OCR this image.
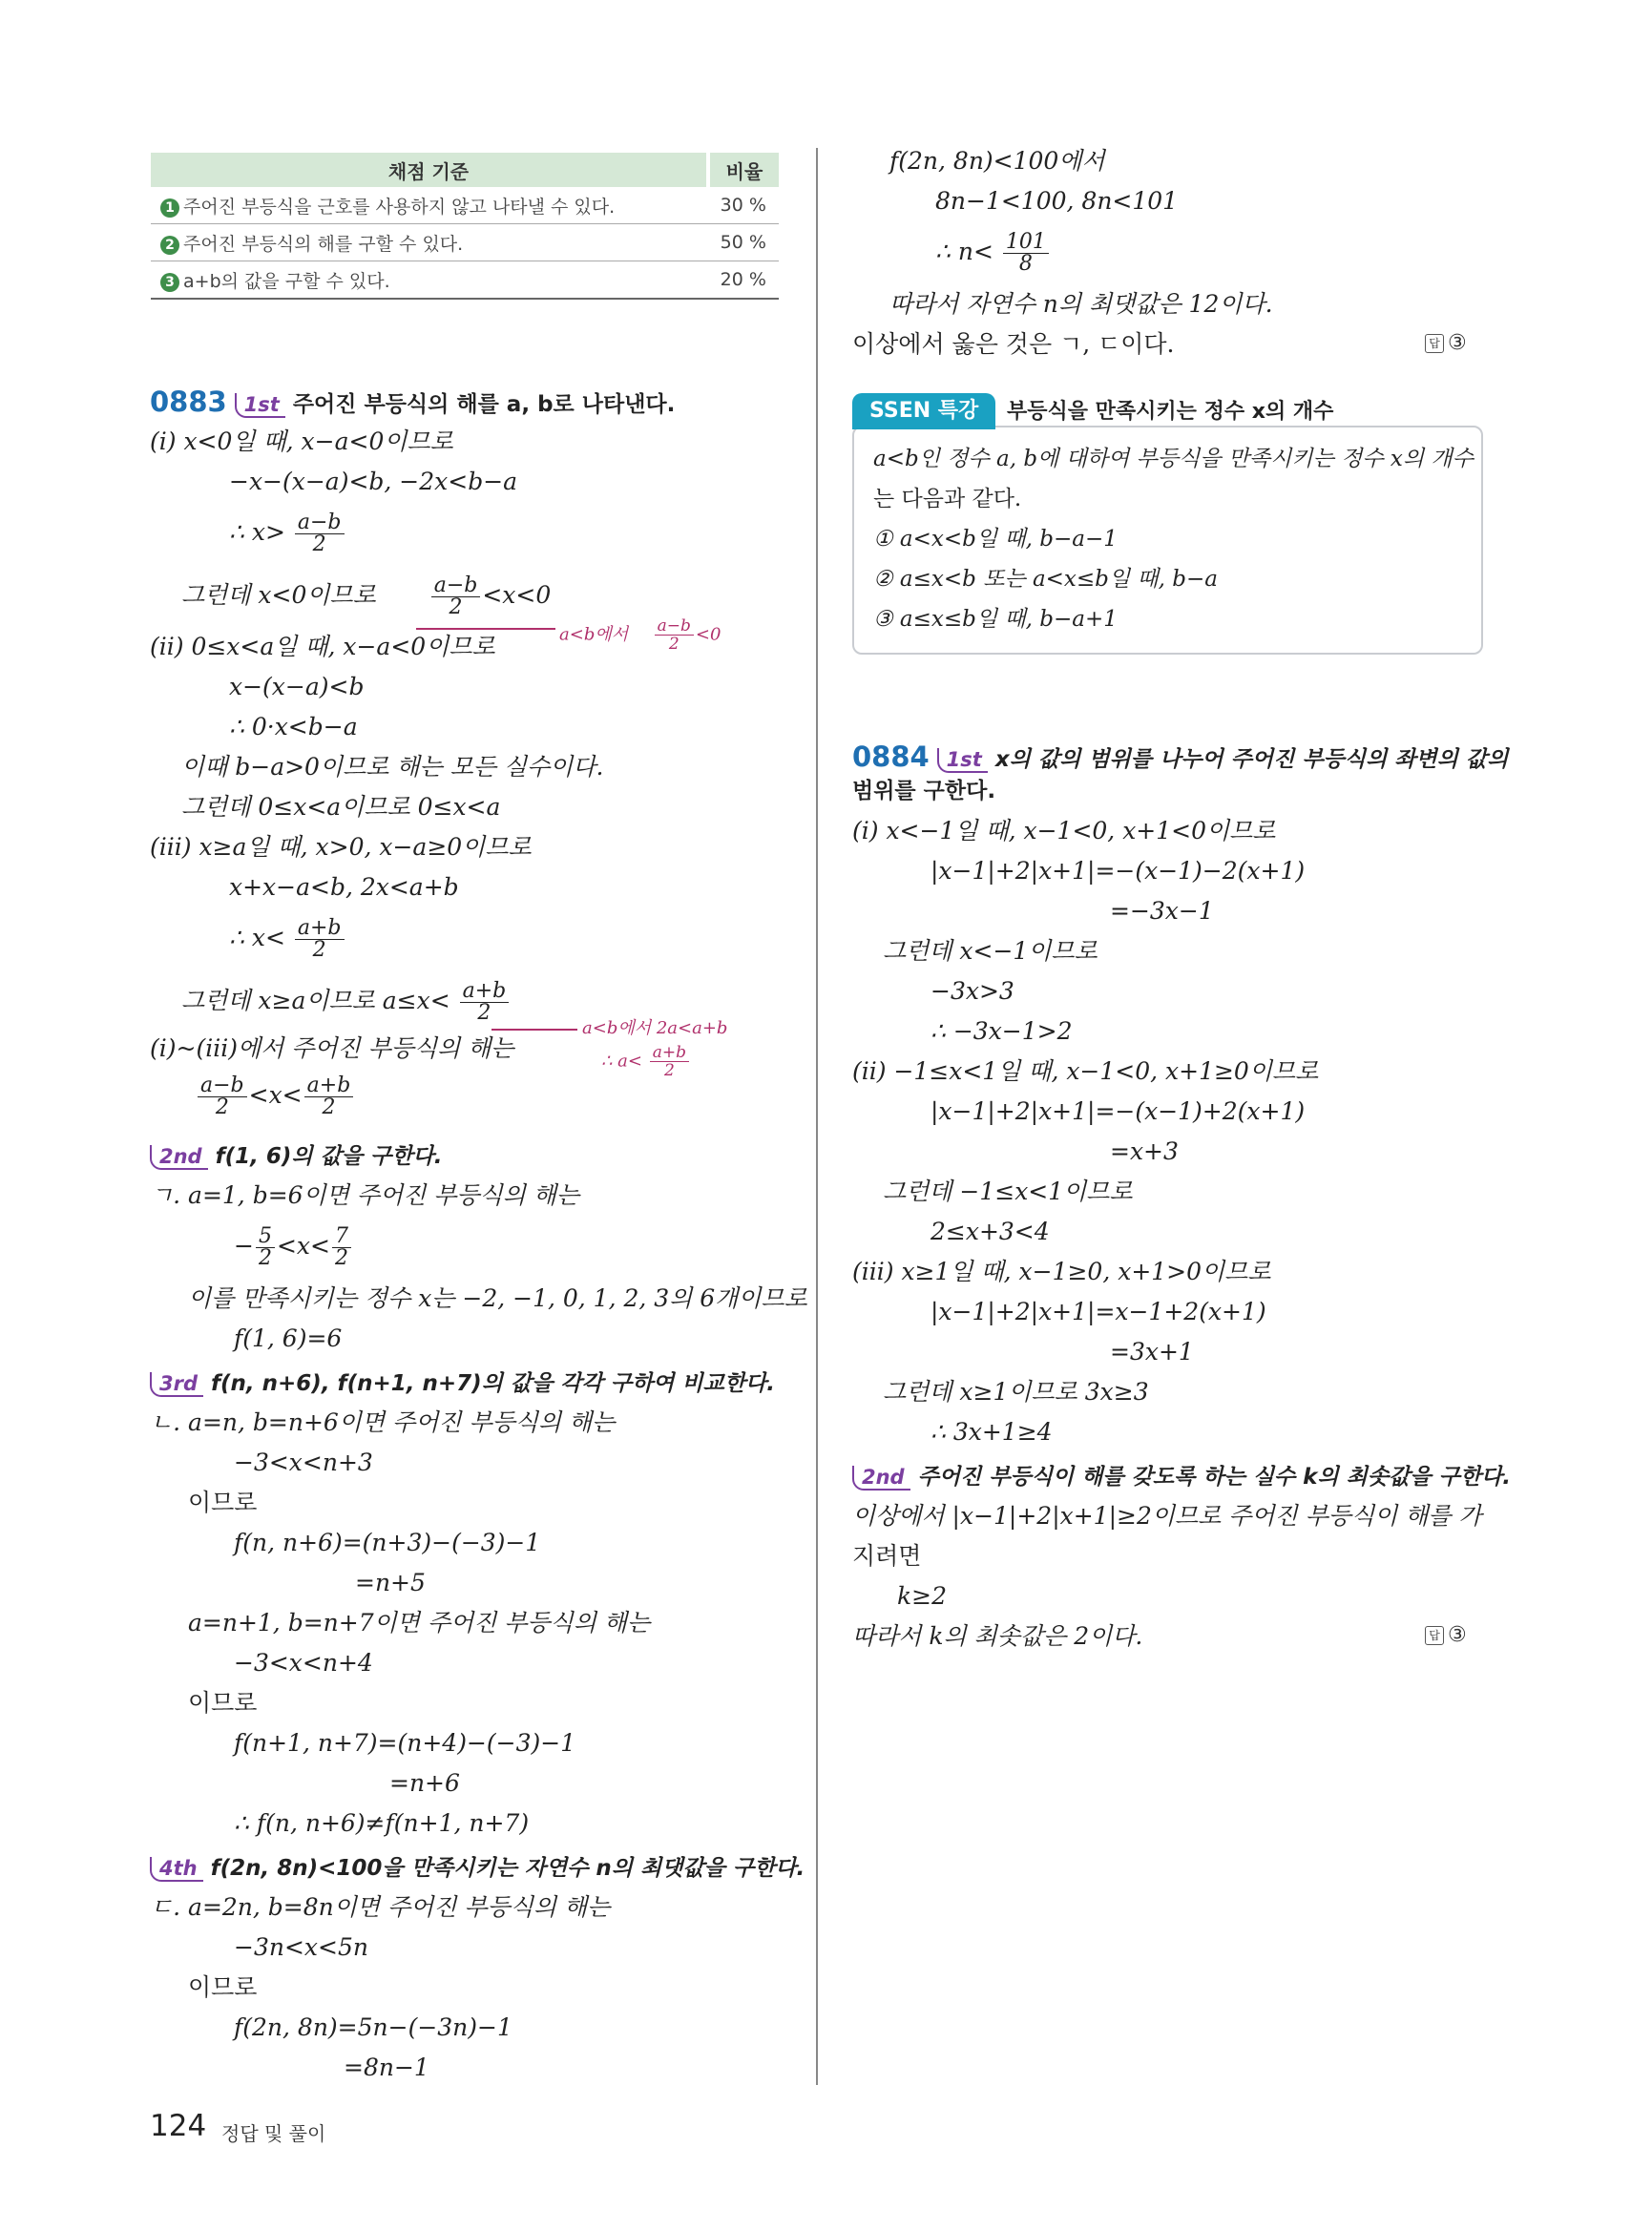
채점 기준	비율
1 주어진 부등식을 근호를 사용하지 않고 나타낼 수 있다.	30 %
2 주어진 부등식의 해를 구할 수 있다.	50 %
3 a+b의 값을 구할 수 있다.	20 %
0883 1st 주어진 부등식의 해를 a, b로 나타낸다.
(ⅰ) x<0일 때, x−a<0이므로
−x−(x−a)<b, −2x<b−a
∴ $x> \frac{a-b}{2}$
그런데 x<0이므로	$\frac{a-b}{2} <x<0$
a<b에서 $\frac{a-b}{2} <0$
(ⅱ) 0≤x<a일 때, x−a<0이므로
x−(x−a)<b
∴ 0·x<b−a
이때 b−a>0이므로 해는 모든 실수이다.
그런데 0≤x<a이므로 0≤x<a
(ⅲ) x≥a일 때, x>0, x−a≥0이므로
x+x−a<b, 2x<a+b
∴ $x< \frac{a+b}{2}$
그런데 x≥a이므로 $a\le x< \frac{a+b}{2}$
a<b에서 2a<a+b
∴ $a< \frac{a+b}{2}$
(ⅰ)~(ⅲ)에서 주어진 부등식의 해는
$\frac{a-b}{2} <x< \frac{a+b}{2}$
2nd f(1, 6)의 값을 구한다.
ㄱ. a=1, b=6이면 주어진 부등식의 해는
− $\frac{5}{2} <x< \frac{7}{2}$
이를 만족시키는 정수 x는 −2, −1, 0, 1, 2, 3의 6개이므로
f(1, 6)=6
3rd f(n, n+6), f(n+1, n+7)의 값을 각각 구하여 비교한다.
ㄴ. a=n, b=n+6이면 주어진 부등식의 해는
−3<x<n+3
이므로
f(n, n+6)=(n+3)−(−3)−1
=n+5
a=n+1, b=n+7이면 주어진 부등식의 해는
−3<x<n+4
이므로
f(n+1, n+7)=(n+4)−(−3)−1
=n+6
∴ f(n, n+6)≠f(n+1, n+7)
4th f(2n, 8n)<100을 만족시키는 자연수 n의 최댓값을 구한다.
ㄷ. a=2n, b=8n이면 주어진 부등식의 해는
−3n<x<5n
이므로
f(2n, 8n)=5n−(−3n)−1
=8n−1
f(2n, 8n)<100에서
8n−1<100, 8n<101
∴ $n< \frac{101}{8}$
따라서 자연수 n의 최댓값은 12이다.
이상에서 옳은 것은 ㄱ, ㄷ이다.	답 ③
SSEN 특강	부등식을 만족시키는 정수 x의 개수
a<b인 정수 a, b에 대하여 부등식을 만족시키는 정수 x의 개수
는 다음과 같다.
① a<x<b일 때, b−a−1
② a≤x<b 또는 a<x≤b일 때, b−a
③ a≤x≤b일 때, b−a+1
0884 1st x의 값의 범위를 나누어 주어진 부등식의 좌변의 값의
범위를 구한다.
(ⅰ) x<−1일 때, x−1<0, x+1<0이므로
|x−1|+2|x+1|=−(x−1)−2(x+1)
=−3x−1
그런데 x<−1이므로
−3x>3
∴ −3x−1>2
(ⅱ) −1≤x<1일 때, x−1<0, x+1≥0이므로
|x−1|+2|x+1|=−(x−1)+2(x+1)
=x+3
그런데 −1≤x<1이므로
2≤x+3<4
(ⅲ) x≥1일 때, x−1≥0, x+1>0이므로
|x−1|+2|x+1|=x−1+2(x+1)
=3x+1
그런데 x≥1이므로 3x≥3
∴ 3x+1≥4
2nd 주어진 부등식이 해를 갖도록 하는 실수 k의 최솟값을 구한다.
이상에서 |x−1|+2|x+1|≥2이므로 주어진 부등식이 해를 가
지려면
k≥2
따라서 k의 최솟값은 2이다.	답 ③
124 정답 및 풀이
